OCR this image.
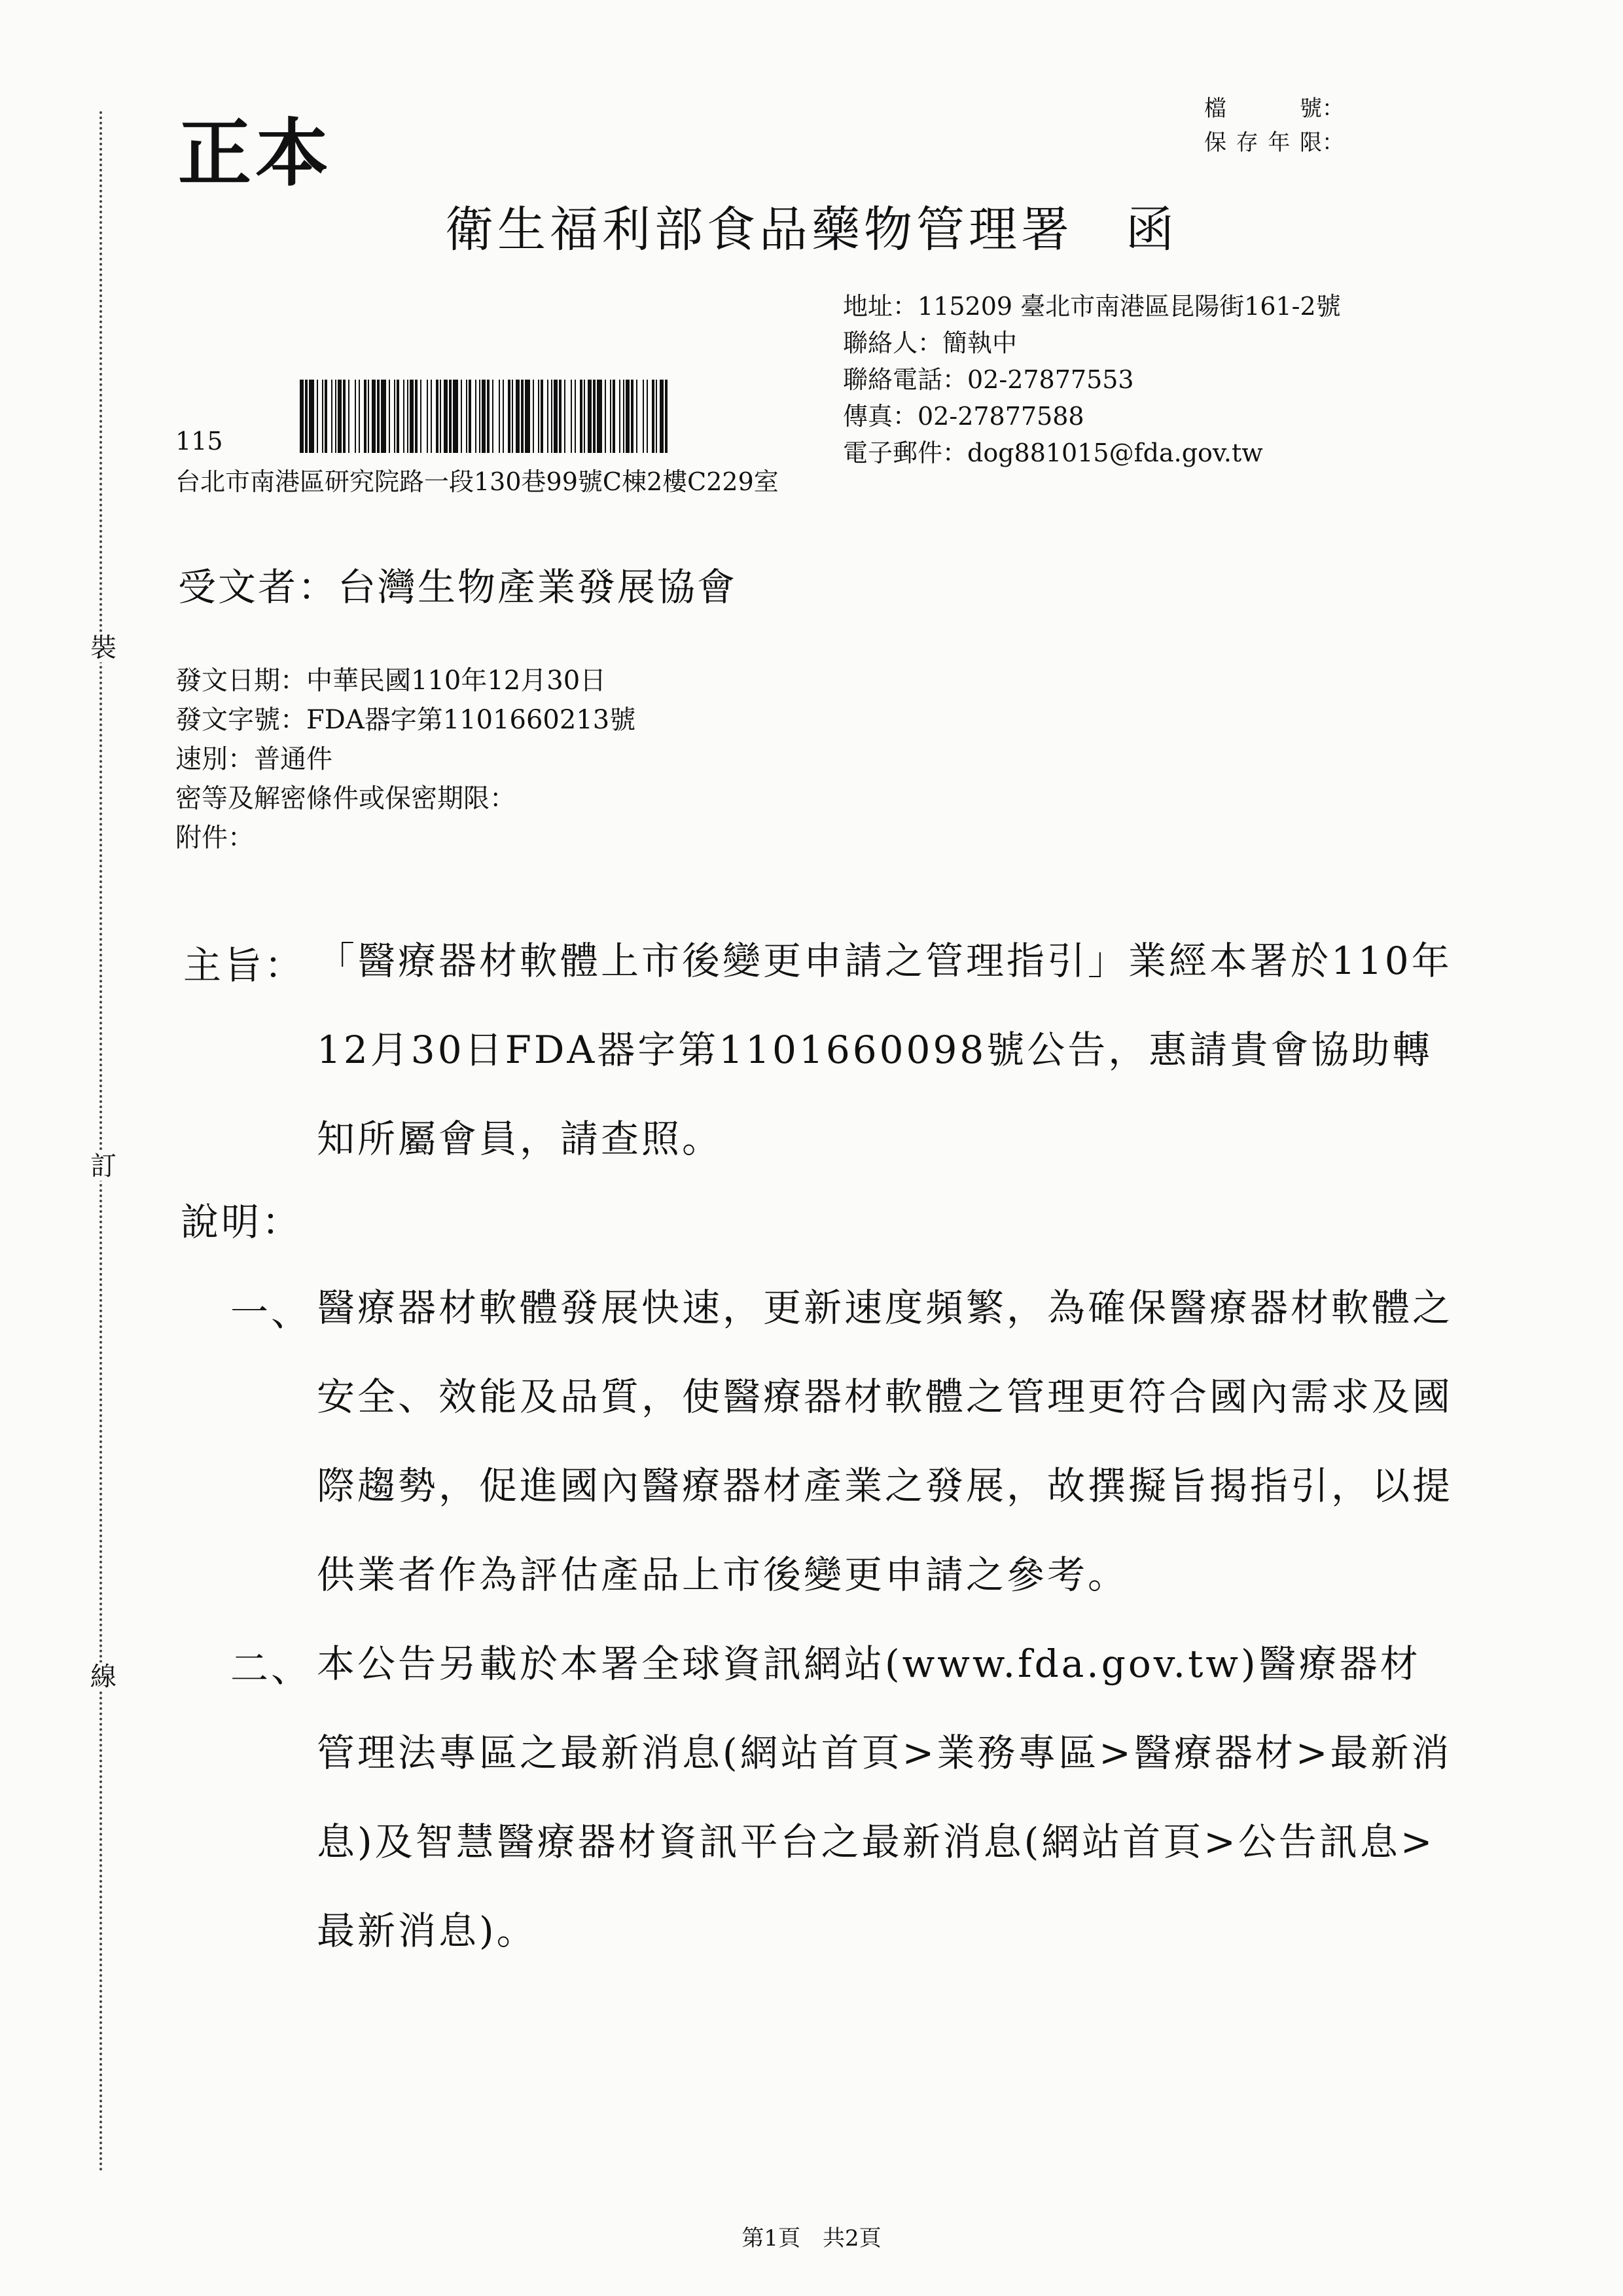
裝
訂
線
正本
檔號：
保存年限：
衛生福利部食品藥物管理署 函
地址：115209 臺北市南港區昆陽街161-2號
聯絡人：簡執中
聯絡電話：02-27877553
傳真：02-27877588
電子郵件：dog881015@fda.gov.tw
115
台北市南港區研究院路一段130巷99號C棟2樓C229室
受文者：台灣生物產業發展協會
發文日期：中華民國110年12月30日
發文字號：FDA器字第1101660213號
速別：普通件
密等及解密條件或保密期限：
附件：
主旨： 「醫療器材軟體上市後變更申請之管理指引」業經本署於110年12月30日FDA器字第1101660098號公告，惠請貴會協助轉知所屬會員，請查照。
說明：
一、 醫療器材軟體發展快速，更新速度頻繁，為確保醫療器材軟體之安全、效能及品質，使醫療器材軟體之管理更符合國內需求及國際趨勢，促進國內醫療器材產業之發展，故撰擬旨揭指引，以提供業者作為評估產品上市後變更申請之參考。
二、 本公告另載於本署全球資訊網站(www.fda.gov.tw)醫療器材管理法專區之最新消息(網站首頁>業務專區>醫療器材>最新消息)及智慧醫療器材資訊平台之最新消息(網站首頁>公告訊息>最新消息)。
第1頁　共2頁
